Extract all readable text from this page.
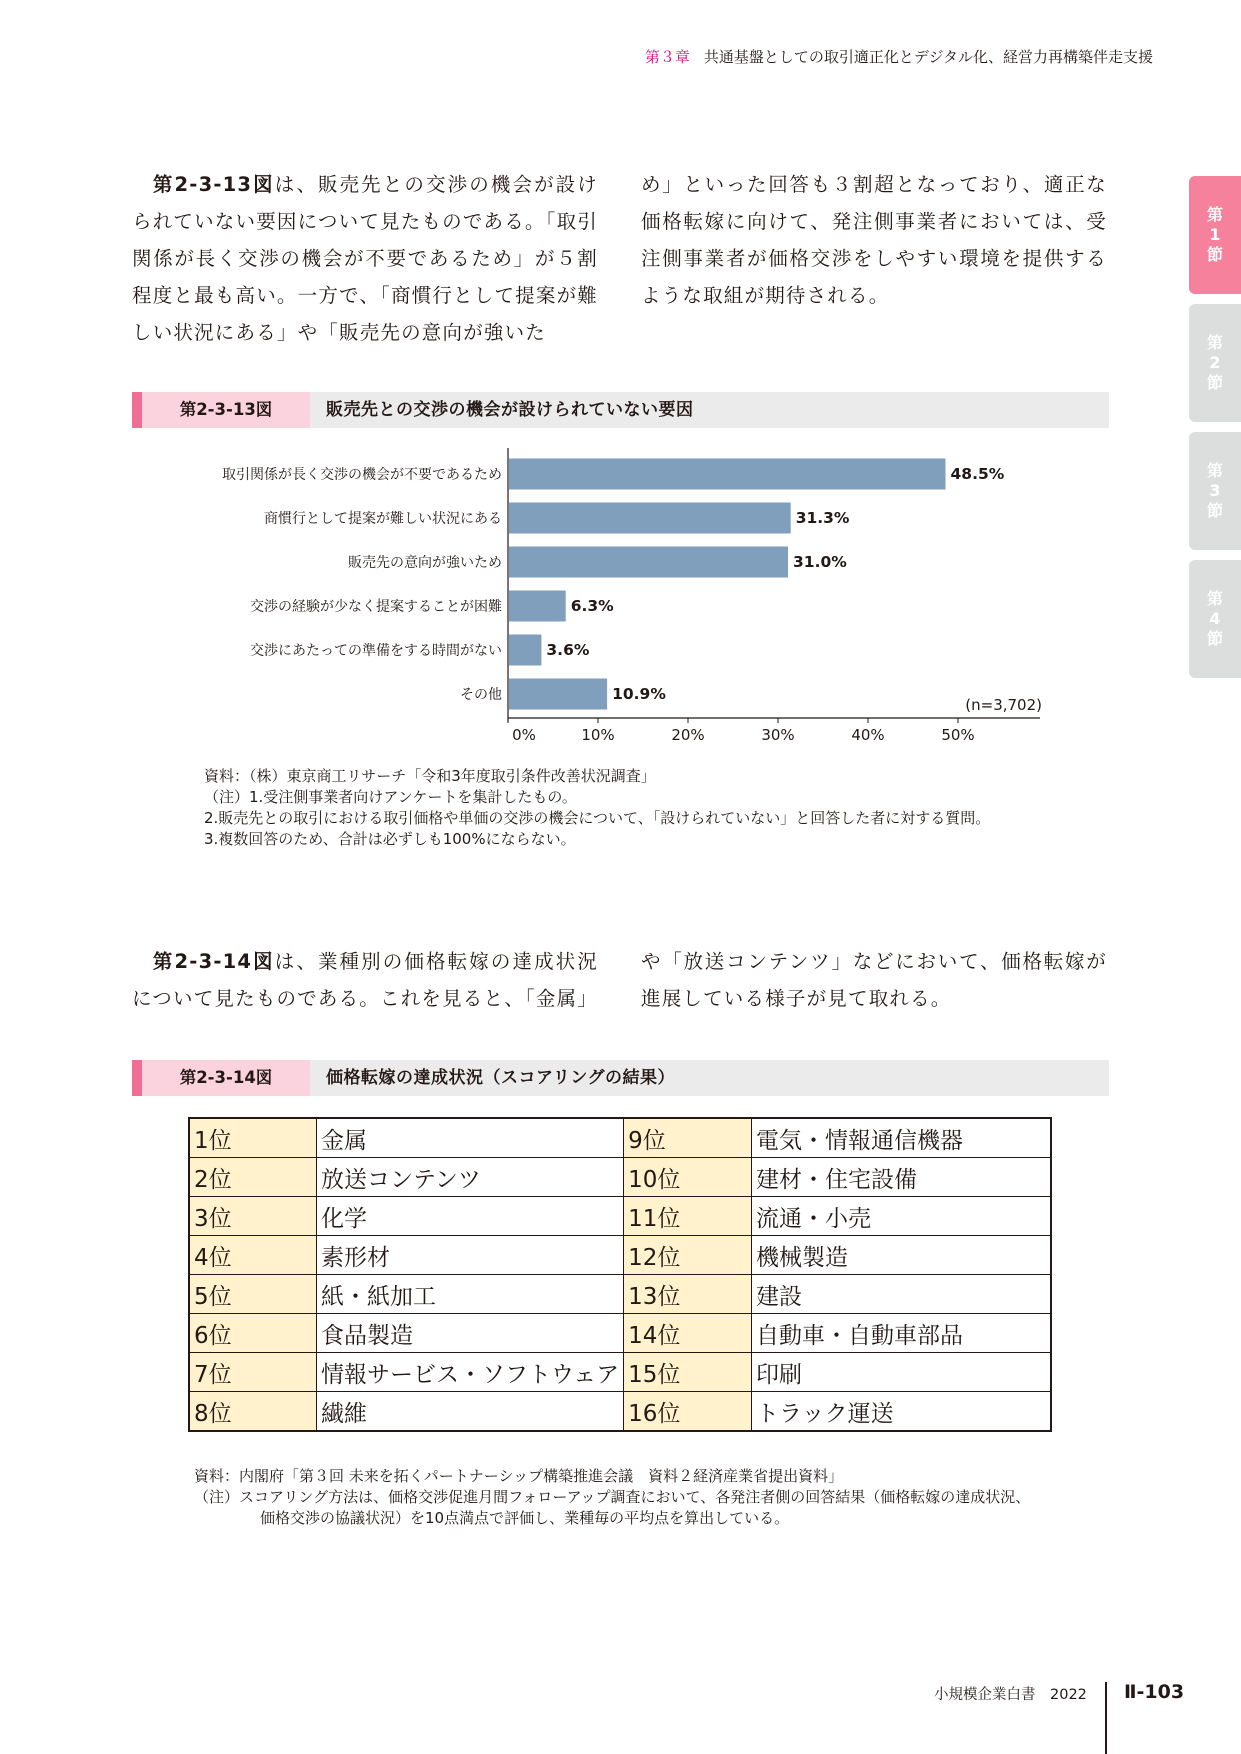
第３章 共通基盤としての取引適正化とデジタル化、経営力再構築伴走支援
第1節
第2節
第3節
第4節
第2-3-13図は、販売先との交渉の機会が設けられていない要因について見たものである。「取引関係が長く交渉の機会が不要であるため」が５割程度と最も高い。一方で、「商慣行として提案が難しい状況にある」や「販売先の意向が強いた
め」といった回答も３割超となっており、適正な価格転嫁に向けて、発注側事業者においては、受注側事業者が価格交渉をしやすい環境を提供するような取組が期待される。
第2-3-13図	販売先との交渉の機会が設けられていない要因
取引関係が長く交渉の機会が不要であるため	48.5%
商慣行として提案が難しい状況にある	31.3%
販売先の意向が強いため	31.0%
交渉の経験が少なく提案することが困難	6.3%
交渉にあたっての準備をする時間がない	3.6%
その他	10.9%
0%	10%	20%	30%	40%	50%
(n=3,702)
資料：（株）東京商工リサーチ「令和3年度取引条件改善状況調査」
（注）1.受注側事業者向けアンケートを集計したもの。
2.販売先との取引における取引価格や単価の交渉の機会について、「設けられていない」と回答した者に対する質問。
3.複数回答のため、合計は必ずしも100%にならない。
第2-3-14図は、業種別の価格転嫁の達成状況について見たものである。これを見ると、「金属」
や「放送コンテンツ」などにおいて、価格転嫁が進展している様子が見て取れる。
第2-3-14図	価格転嫁の達成状況（スコアリングの結果）
1位	金属	9位	電気・情報通信機器
2位	放送コンテンツ	10位	建材・住宅設備
3位	化学	11位	流通・小売
4位	素形材	12位	機械製造
5位	紙・紙加工	13位	建設
6位	食品製造	14位	自動車・自動車部品
7位	情報サービス・ソフトウェア	15位	印刷
8位	繊維	16位	トラック運送
資料：内閣府「第３回 未来を拓くパートナーシップ構築推進会議　資料２経済産業省提出資料」
（注）スコアリング方法は、価格交渉促進月間フォローアップ調査において、各発注者側の回答結果（価格転嫁の達成状況、
価格交渉の協議状況）を10点満点で評価し、業種毎の平均点を算出している。
小規模企業白書　2022 Ⅱ-103
